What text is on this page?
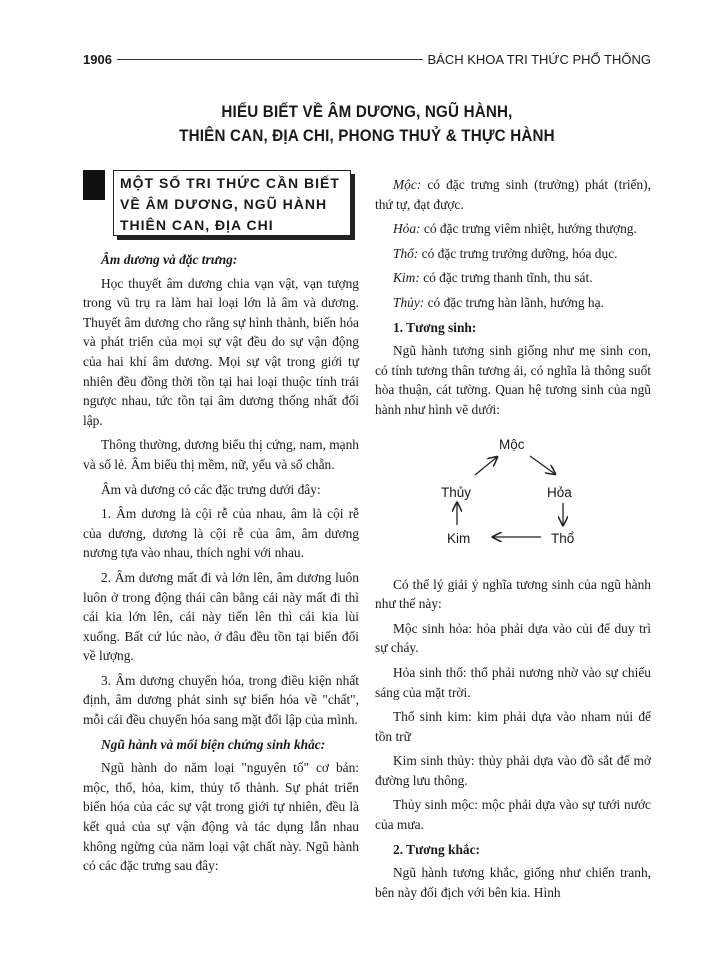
1906	BÁCH KHOA TRI THỨC PHỔ THÔNG
HIỂU BIẾT VỀ ÂM DƯƠNG, NGŨ HÀNH,
THIÊN CAN, ĐỊA CHI, PHONG THUỶ & THỰC HÀNH
MỘT SỐ TRI THỨC CẦN BIẾT
VỀ ÂM DƯƠNG, NGŨ HÀNH
THIÊN CAN, ĐỊA CHI
Âm dương và đặc trưng:

Học thuyết âm dương chia vạn vật, vạn tượng trong vũ trụ ra làm hai loại lớn là âm và dương. Thuyết âm dương cho rằng sự hình thành, biến hóa và phát triển của mọi sự vật đều do sự vận động của hai khí âm dương. Mọi sự vật trong giới tự nhiên đều đồng thời tồn tại hai loại thuộc tính trái ngược nhau, tức tồn tại âm dương thống nhất đối lập.

Thông thường, dương biểu thị cứng, nam, mạnh và số lẻ. Âm biểu thị mềm, nữ, yếu và số chẵn.

Âm và dương có các đặc trưng dưới đây:

1. Âm dương là cội rễ của nhau, âm là cội rễ của dương, dương là cội rễ của âm, âm dương nương tựa vào nhau, thích nghi với nhau.

2. Âm dương mất đi và lớn lên, âm dương luôn luôn ở trong động thái cân bằng cái này mất đi thì cái kia lớn lên, cái này tiến lên thì cái kia lùi xuống. Bất cứ lúc nào, ở đâu đều tồn tại biến đổi về lượng.

3. Âm dương chuyển hóa, trong điều kiện nhất định, âm dương phát sinh sự biến hóa về "chất", mỗi cái đều chuyển hóa sang mặt đối lập của mình.

Ngũ hành và mối biện chứng sinh khắc:

Ngũ hành do năm loại "nguyên tố" cơ bản: mộc, thổ, hỏa, kim, thủy tổ thành. Sự phát triển biến hóa của các sự vật trong giới tự nhiên, đều là kết quả của sự vận động và tác dụng lẫn nhau không ngừng của năm loại vật chất này. Ngũ hành có các đặc trưng sau đây:

Mộc: có đặc trưng sinh (trưởng) phát (triển), thứ tự, đạt được.

Hỏa: có đặc trưng viêm nhiệt, hướng thượng.

Thổ: có đặc trưng trưởng dưỡng, hóa dục.

Kim: có đặc trưng thanh tĩnh, thu sát.

Thủy: có đặc trưng hàn lãnh, hướng hạ.

1. Tương sinh:

Ngũ hành tương sinh giống như mẹ sinh con, có tính tương thân tương ái, có nghĩa là thông suốt hòa thuận, cát tường. Quan hệ tương sinh của ngũ hành như hình vẽ dưới:

Mộc
Thủy	Hỏa
Kim	Thổ

Có thể lý giải ý nghĩa tương sinh của ngũ hành như thế này:

Mộc sinh hỏa: hỏa phải dựa vào củi để duy trì sự cháy.

Hỏa sinh thổ: thổ phải nương nhờ vào sự chiếu sáng của mặt trời.

Thổ sinh kim: kim phải dựa vào nham núi để tồn trữ

Kim sinh thủy: thủy phải dựa vào đồ sắt để mở đường lưu thông.

Thủy sinh mộc: mộc phải dựa vào sự tưới nước của mưa.

2. Tương khắc:

Ngũ hành tương khắc, giống như chiến tranh, bên này đối địch với bên kia. Hình
